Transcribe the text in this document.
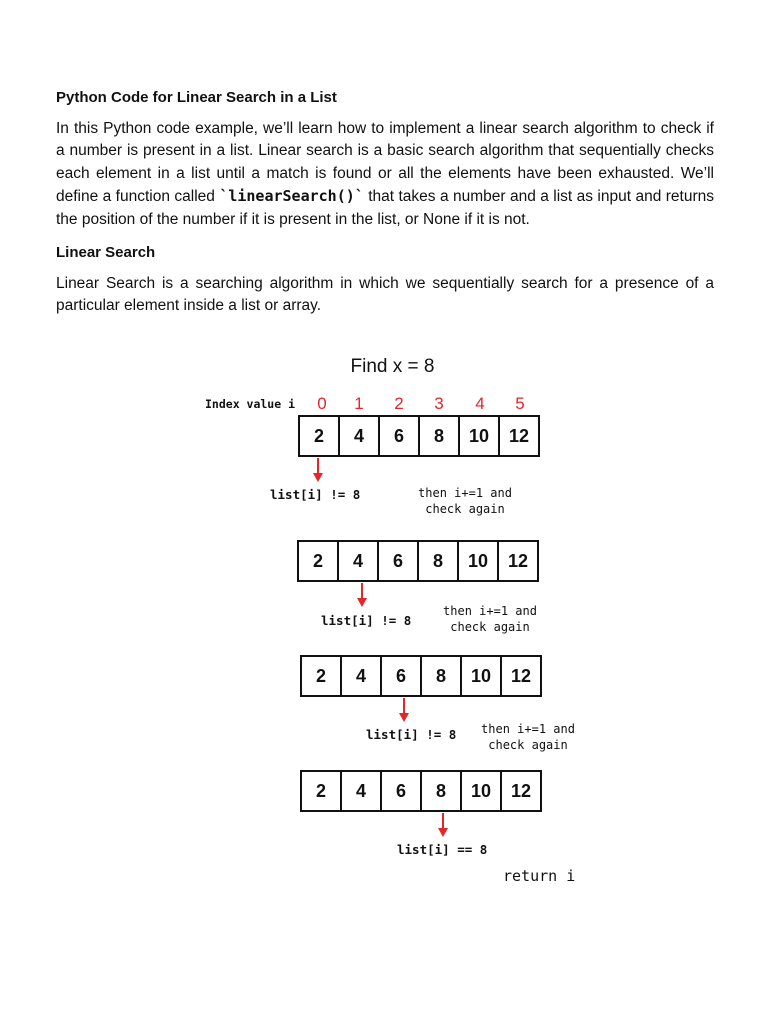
Python Code for Linear Search in a List

In this Python code example, we’ll learn how to implement a linear search algorithm to check if a number is present in a list. Linear search is a basic search algorithm that sequentially checks each element in a list until a match is found or all the elements have been exhausted. We’ll define a function called `linearSearch()` that takes a number and a list as input and returns the position of the number if it is present in the list, or None if it is not.

Linear Search

Linear Search is a searching algorithm in which we sequentially search for a presence of a particular element inside a list or array.

Find x = 8
Index value i	0	1	2	3	4	5
2	4	6	8	10	12
list[i] != 8	then i+=1 and
check again
2	4	6	8	10	12
list[i] != 8
then i+=1 and
check again
2	4	6	8	10	12
list[i] != 8	then i+=1 and
check again
2	4	6	8	10	12
list[i] == 8
return i
